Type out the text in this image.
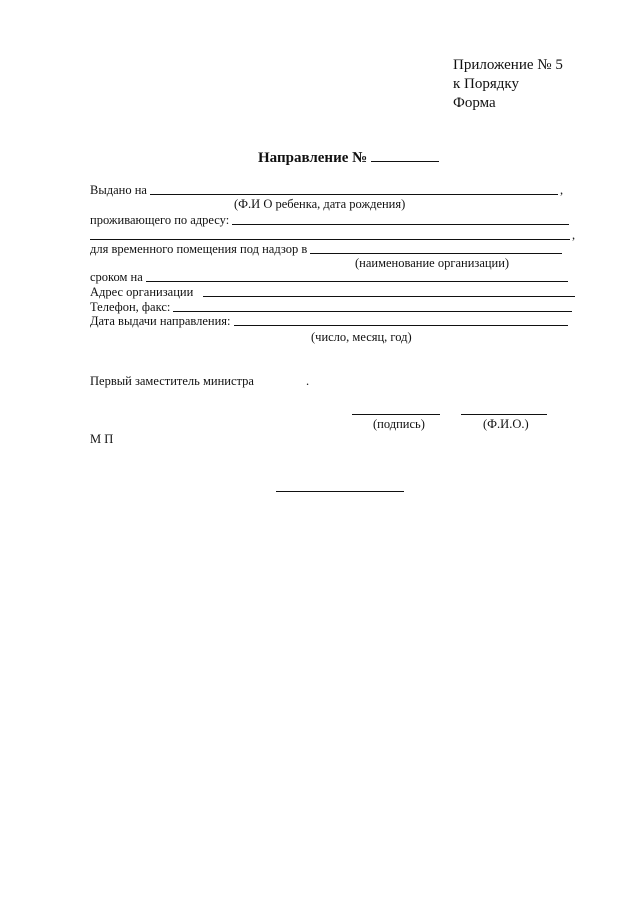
Приложение № 5
к Порядку
Форма
Направление №
Выдано на	,
(Ф.И О ребенка, дата рождения)
проживающего по адресу:
,
для временного помещения под надзор в
(наименование организации)
сроком на
Адрес организации
Телефон, факс:
Дата выдачи направления:
(число, месяц, год)
Первый заместитель министра	.
(подпись)	(Ф.И.О.)
М П
